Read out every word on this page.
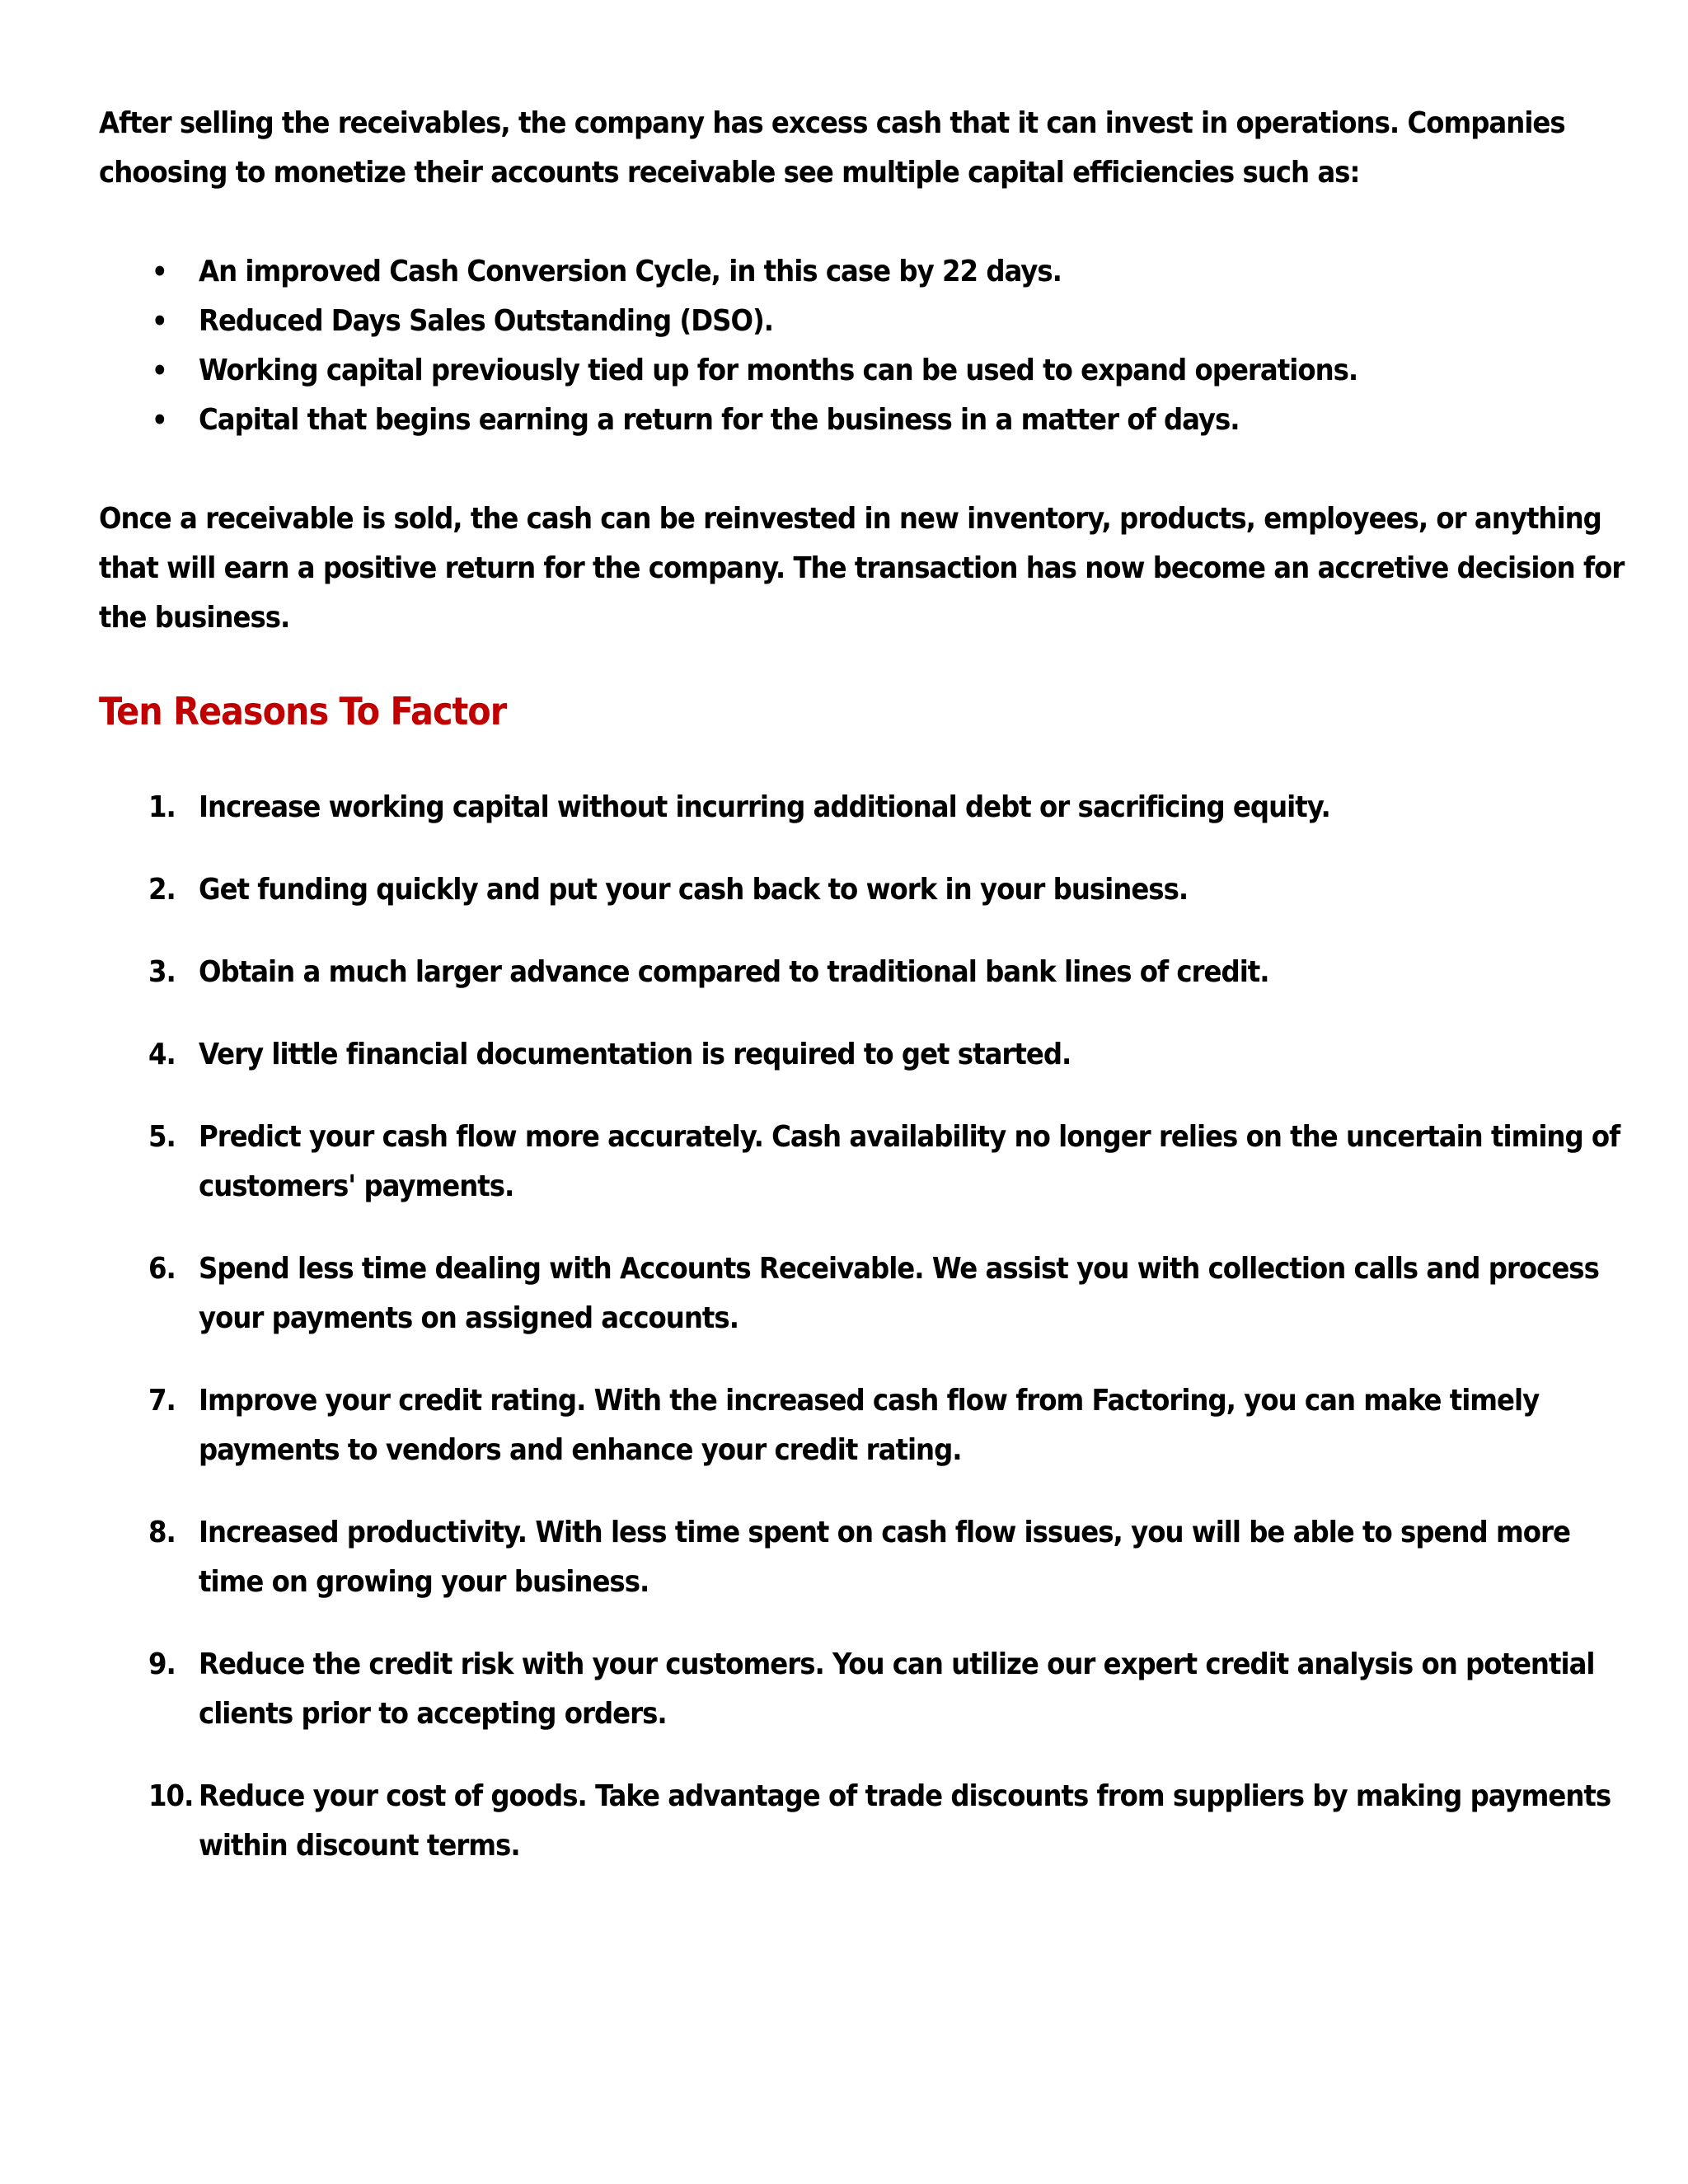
After selling the receivables, the company has excess cash that it can invest in operations. Companies
choosing to monetize their accounts receivable see multiple capital efficiencies such as:

• An improved Cash Conversion Cycle, in this case by 22 days.
• Reduced Days Sales Outstanding (DSO).
• Working capital previously tied up for months can be used to expand operations.
• Capital that begins earning a return for the business in a matter of days.

Once a receivable is sold, the cash can be reinvested in new inventory, products, employees, or anything
that will earn a positive return for the company. The transaction has now become an accretive decision for
the business.

Ten Reasons To Factor
1. Increase working capital without incurring additional debt or sacrificing equity.
2. Get funding quickly and put your cash back to work in your business.
3. Obtain a much larger advance compared to traditional bank lines of credit.
4. Very little financial documentation is required to get started.
5. Predict your cash flow more accurately. Cash availability no longer relies on the uncertain timing of
customers' payments.
6. Spend less time dealing with Accounts Receivable. We assist you with collection calls and process
your payments on assigned accounts.
7. Improve your credit rating. With the increased cash flow from Factoring, you can make timely
payments to vendors and enhance your credit rating.
8. Increased productivity. With less time spent on cash flow issues, you will be able to spend more
time on growing your business.
9. Reduce the credit risk with your customers. You can utilize our expert credit analysis on potential
clients prior to accepting orders.
10. Reduce your cost of goods. Take advantage of trade discounts from suppliers by making payments
within discount terms.
